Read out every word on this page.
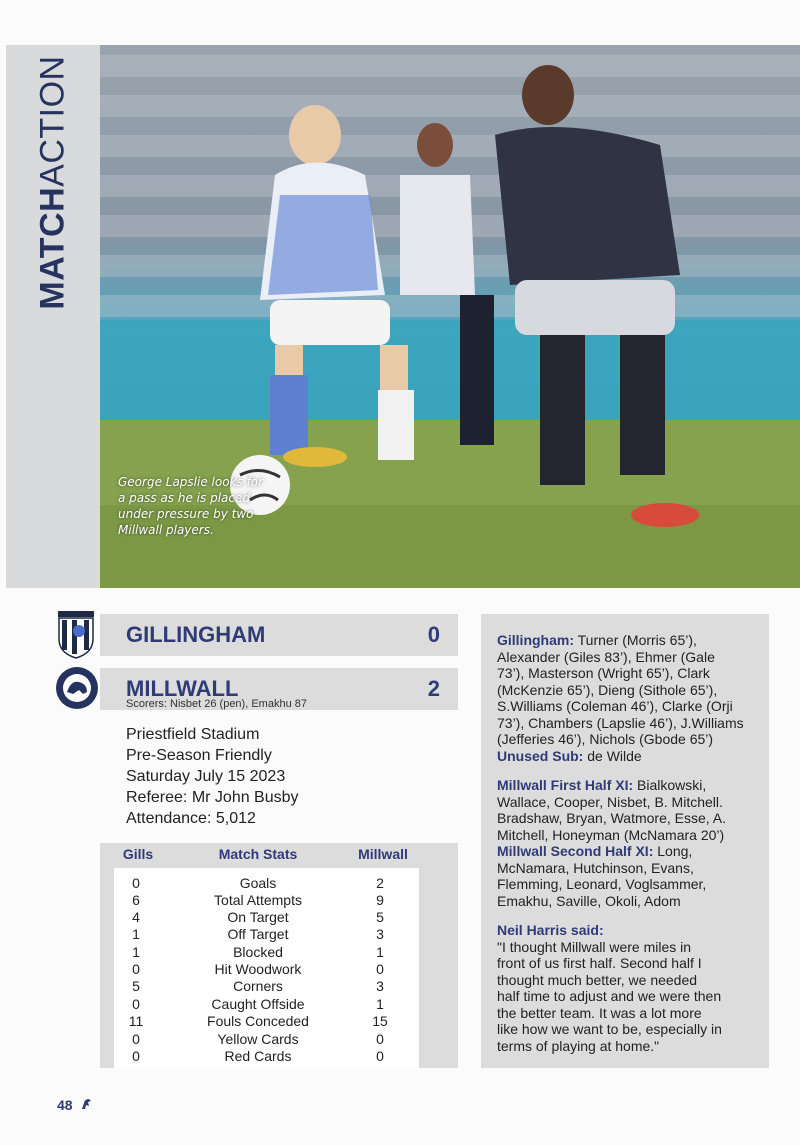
MATCHACTION
George Lapslie looks for a pass as he is placed under pressure by two Millwall players.
GILLINGHAM	0
MILLWALL	2
Scorers: Nisbet 26 (pen), Emakhu 87
Priestfield Stadium
Pre-Season Friendly
Saturday July 15 2023
Referee: Mr John Busby
Attendance: 5,012
Gills	Match Stats	Millwall
0	Goals	2
6	Total Attempts	9
4	On Target	5
1	Off Target	3
1	Blocked	1
0	Hit Woodwork	0
5	Corners	3
0	Caught Offside	1
11	Fouls Conceded	15
0	Yellow Cards	0
0	Red Cards	0
Gillingham: Turner (Morris 65’),
Alexander (Giles 83’), Ehmer (Gale
73’), Masterson (Wright 65’), Clark
(McKenzie 65’), Dieng (Sithole 65’),
S.Williams (Coleman 46’), Clarke (Orji
73’), Chambers (Lapslie 46’), J.Williams
(Jefferies 46’), Nichols (Gbode 65’)
Unused Sub: de Wilde
Millwall First Half XI: Bialkowski,
Wallace, Cooper, Nisbet, B. Mitchell.
Bradshaw, Bryan, Watmore, Esse, A.
Mitchell, Honeyman (McNamara 20’)
Millwall Second Half XI: Long,
McNamara, Hutchinson, Evans,
Flemming, Leonard, Voglsammer,
Emakhu, Saville, Okoli, Adom
Neil Harris said:
"I thought Millwall were miles in
front of us first half. Second half I
thought much better, we needed
half time to adjust and we were then
the better team. It was a lot more
like how we want to be, especially in
terms of playing at home."
48
